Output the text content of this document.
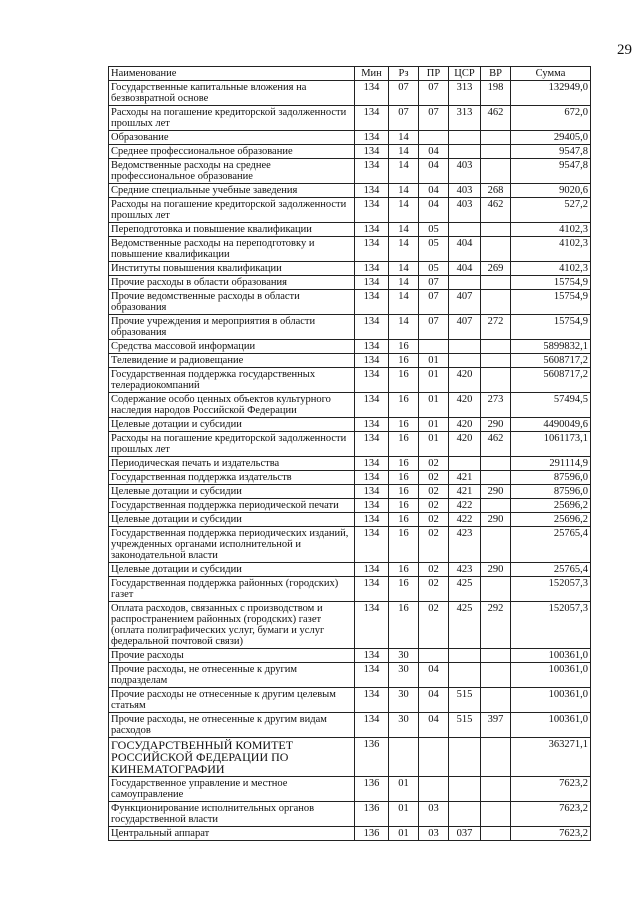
29
Наименование	Мин	Рз	ПР	ЦСР	ВР	Сумма
Государственные капитальные вложения на безвозвратной основе	134	07	07	313	198	132949,0
Расходы на погашение кредиторской задолженности прошлых лет	134	07	07	313	462	672,0
Образование	134	14				29405,0
Среднее профессиональное образование	134	14	04			9547,8
Ведомственные расходы на среднее профессиональное образование	134	14	04	403		9547,8
Средние специальные учебные заведения	134	14	04	403	268	9020,6
Расходы на погашение кредиторской задолженности прошлых лет	134	14	04	403	462	527,2
Переподготовка и повышение квалификации	134	14	05			4102,3
Ведомственные расходы на переподготовку и повышение квалификации	134	14	05	404		4102,3
Институты повышения квалификации	134	14	05	404	269	4102,3
Прочие расходы в области образования	134	14	07			15754,9
Прочие ведомственные расходы в области образования	134	14	07	407		15754,9
Прочие учреждения и мероприятия в области образования	134	14	07	407	272	15754,9
Средства массовой информации	134	16				5899832,1
Телевидение и радиовещание	134	16	01			5608717,2
Государственная поддержка государственных телерадиокомпаний	134	16	01	420		5608717,2
Содержание особо ценных объектов культурного наследия народов Российской Федерации	134	16	01	420	273	57494,5
Целевые дотации и субсидии	134	16	01	420	290	4490049,6
Расходы на погашение кредиторской задолженности прошлых лет	134	16	01	420	462	1061173,1
Периодическая печать и издательства	134	16	02			291114,9
Государственная поддержка издательств	134	16	02	421		87596,0
Целевые дотации и субсидии	134	16	02	421	290	87596,0
Государственная поддержка периодической печати	134	16	02	422		25696,2
Целевые дотации и субсидии	134	16	02	422	290	25696,2
Государственная поддержка периодических изданий, учрежденных органами исполнительной и законодательной власти	134	16	02	423		25765,4
Целевые дотации и субсидии	134	16	02	423	290	25765,4
Государственная поддержка районных (городских) газет	134	16	02	425		152057,3
Оплата расходов, связанных с производством и распространением районных (городских) газет (оплата полиграфических услуг, бумаги и услуг федеральной почтовой связи)	134	16	02	425	292	152057,3
Прочие расходы	134	30				100361,0
Прочие расходы, не отнесенные к другим подразделам	134	30	04			100361,0
Прочие расходы не отнесенные к другим целевым статьям	134	30	04	515		100361,0
Прочие расходы, не отнесенные к другим видам расходов	134	30	04	515	397	100361,0
ГОСУДАРСТВЕННЫЙ КОМИТЕТ РОССИЙСКОЙ ФЕДЕРАЦИИ ПО КИНЕМАТОГРАФИИ	136					363271,1
Государственное управление и местное самоуправление	136	01				7623,2
Функционирование исполнительных органов государственной власти	136	01	03			7623,2
Центральный аппарат	136	01	03	037		7623,2
